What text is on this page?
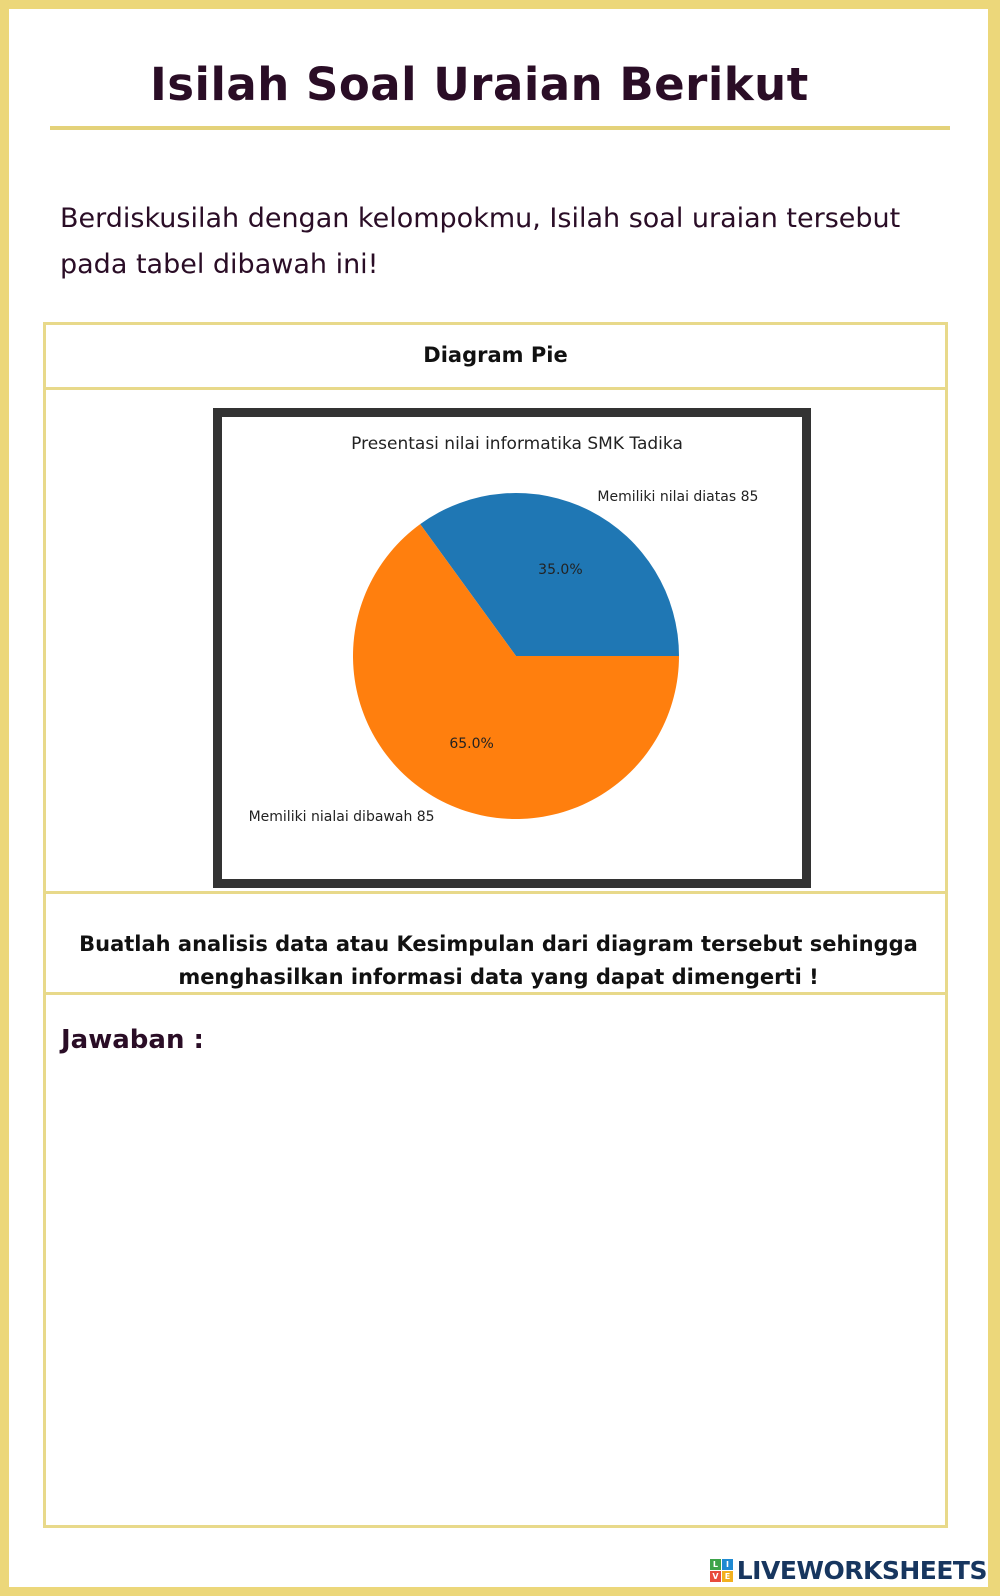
Isilah Soal Uraian Berikut
Berdiskusilah dengan kelompokmu, Isilah soal uraian tersebut pada tabel dibawah ini!
Diagram Pie
Presentasi nilai informatika SMK Tadika
35.0%
Memiliki nilai diatas 85
65.0%
Memiliki nialai dibawah 85
Buatlah analisis data atau Kesimpulan dari diagram tersebut sehingga menghasilkan informasi data yang dapat dimengerti !
Jawaban :
L	I
V E LIVEWORKSHEETS
